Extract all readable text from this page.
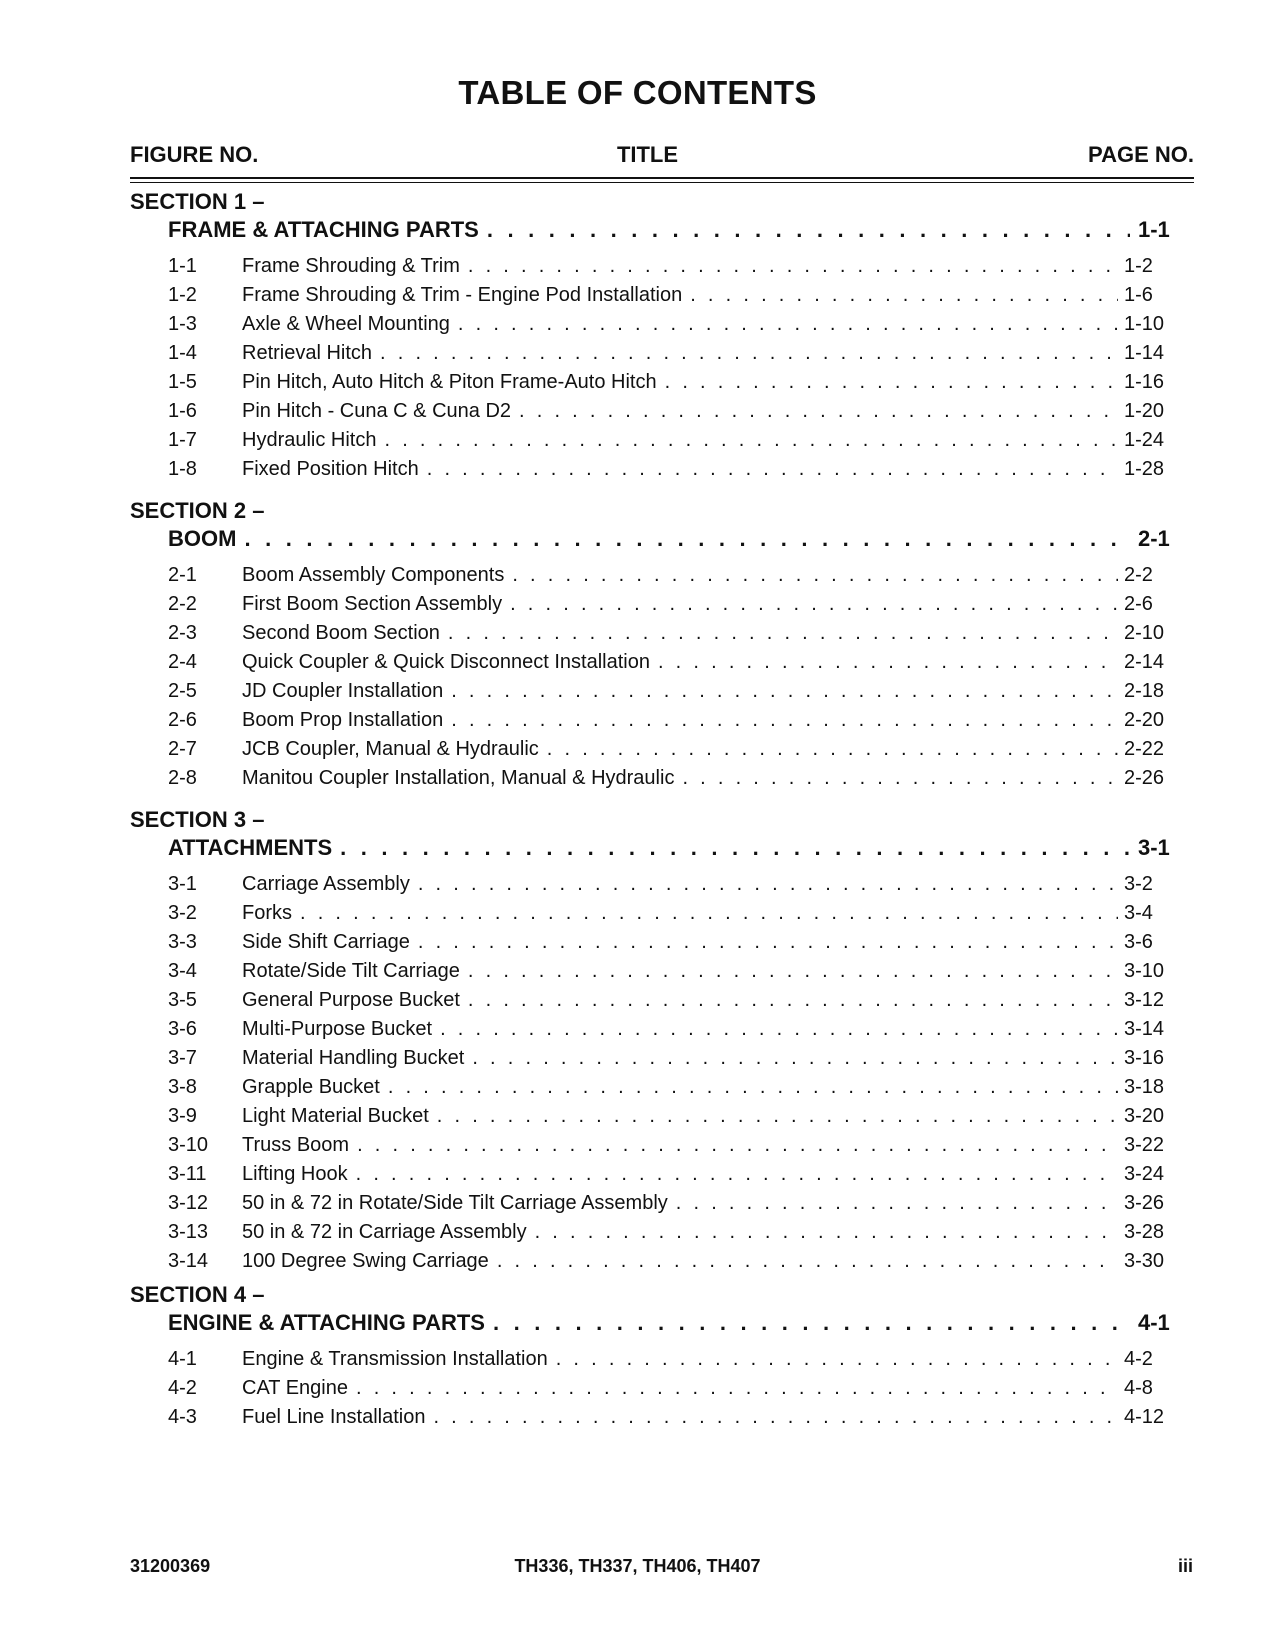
TABLE OF CONTENTS
FIGURE NO.	TITLE	PAGE NO.
SECTION 1 –
FRAME & ATTACHING PARTS . . .	1-1
1-1	Frame Shrouding & Trim . . .	1-2
1-2	Frame Shrouding & Trim - Engine Pod Installation . . .	1-6
1-3	Axle & Wheel Mounting . . .	1-10
1-4	Retrieval Hitch . . .	1-14
1-5	Pin Hitch, Auto Hitch & Piton Frame-Auto Hitch . . .	1-16
1-6	Pin Hitch - Cuna C & Cuna D2 . . .	1-20
1-7	Hydraulic Hitch . . .	1-24
1-8	Fixed Position Hitch . . .	1-28
SECTION 2 –
BOOM . . .	2-1
2-1	Boom Assembly Components . . .	2-2
2-2	First Boom Section Assembly . . .	2-6
2-3	Second Boom Section . . .	2-10
2-4	Quick Coupler & Quick Disconnect Installation . . .	2-14
2-5	JD Coupler Installation . . .	2-18
2-6	Boom Prop Installation . . .	2-20
2-7	JCB Coupler, Manual & Hydraulic . . .	2-22
2-8	Manitou Coupler Installation, Manual & Hydraulic . . .	2-26
SECTION 3 –
ATTACHMENTS . . .	3-1
3-1	Carriage Assembly . . .	3-2
3-2	Forks . . .	3-4
3-3	Side Shift Carriage . . .	3-6
3-4	Rotate/Side Tilt Carriage . . .	3-10
3-5	General Purpose Bucket . . .	3-12
3-6	Multi-Purpose Bucket . . .	3-14
3-7	Material Handling Bucket . . .	3-16
3-8	Grapple Bucket . . .	3-18
3-9	Light Material Bucket . . .	3-20
3-10	Truss Boom . . .	3-22
3-11	Lifting Hook . . .	3-24
3-12	50 in & 72 in Rotate/Side Tilt Carriage Assembly . . .	3-26
3-13	50 in & 72 in Carriage Assembly . . .	3-28
3-14	100 Degree Swing Carriage . . .	3-30
SECTION 4 –
ENGINE & ATTACHING PARTS . . .	4-1
4-1	Engine & Transmission Installation . . .	4-2
4-2	CAT Engine . . .	4-8
4-3	Fuel Line Installation . . .	4-12
31200369	TH336, TH337, TH406, TH407	iii
